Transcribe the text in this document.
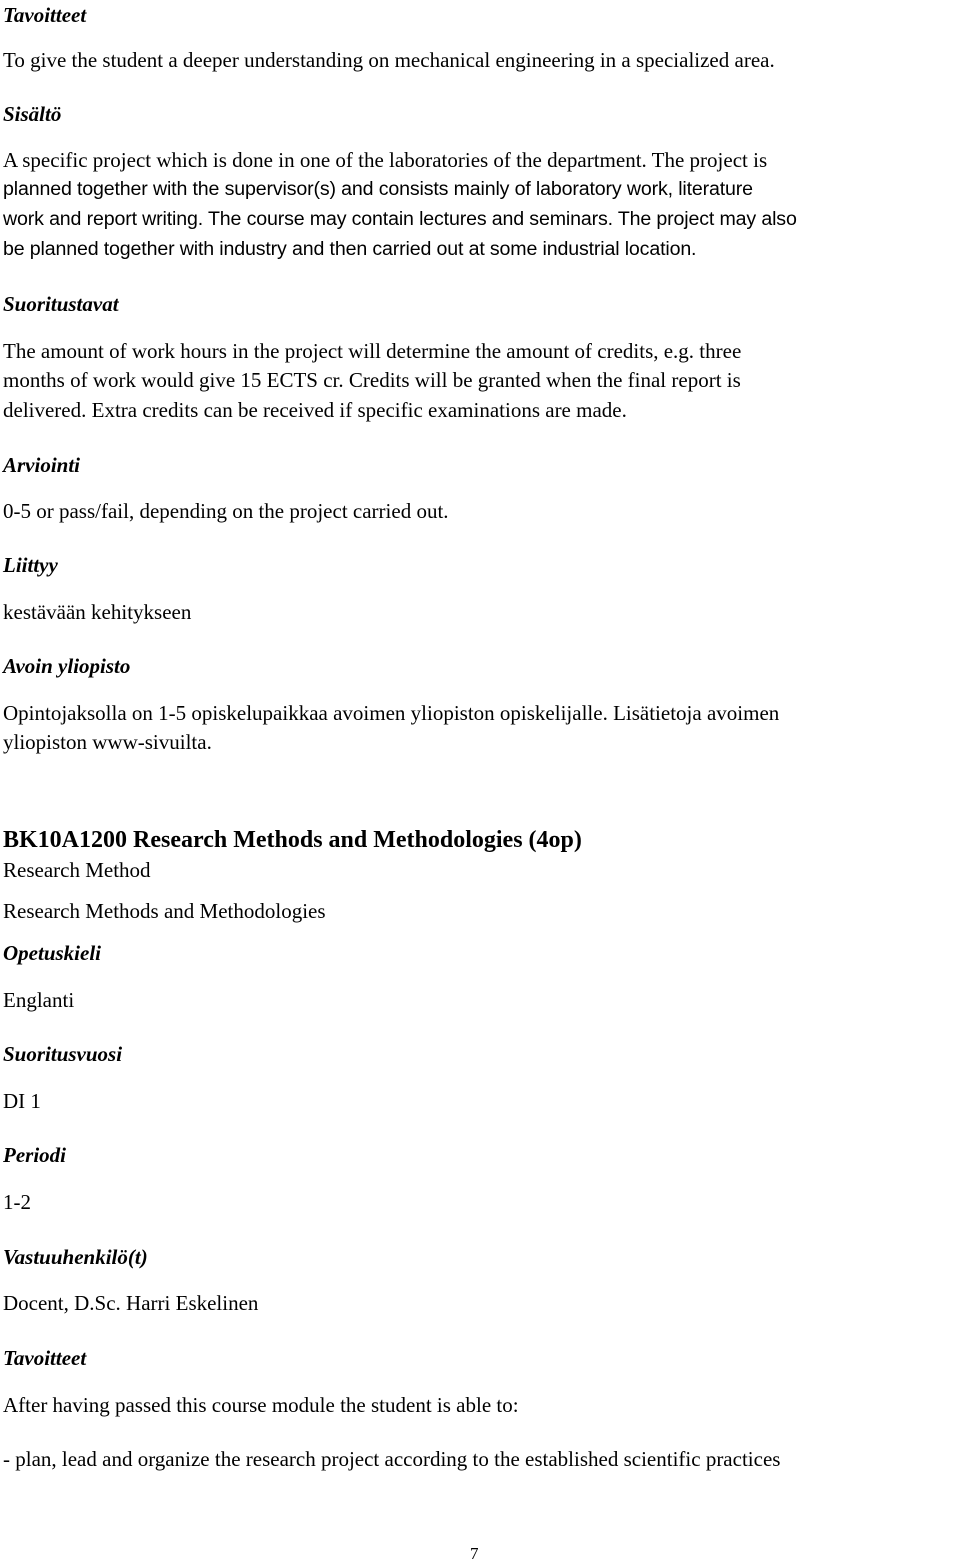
Tavoitteet
To give the student a deeper understanding on mechanical engineering in a specialized area.
Sisältö
A specific project which is done in one of the laboratories of the department. The project is
planned together with the supervisor(s) and consists mainly of laboratory work, literature
work and report writing. The course may contain lectures and seminars. The project may also
be planned together with industry and then carried out at some industrial location.
Suoritustavat
The amount of work hours in the project will determine the amount of credits, e.g. three
months of work would give 15 ECTS cr. Credits will be granted when the final report is
delivered. Extra credits can be received if specific examinations are made.
Arviointi
0-5 or pass/fail, depending on the project carried out.
Liittyy
kestävään kehitykseen
Avoin yliopisto
Opintojaksolla on 1-5 opiskelupaikkaa avoimen yliopiston opiskelijalle. Lisätietoja avoimen
yliopiston www-sivuilta.
BK10A1200 Research Methods and Methodologies (4op)
Research Method
Research Methods and Methodologies
Opetuskieli
Englanti
Suoritusvuosi
DI 1
Periodi
1-2
Vastuuhenkilö(t)
Docent, D.Sc. Harri Eskelinen
Tavoitteet
After having passed this course module the student is able to:
- plan, lead and organize the research project according to the established scientific practices
7
